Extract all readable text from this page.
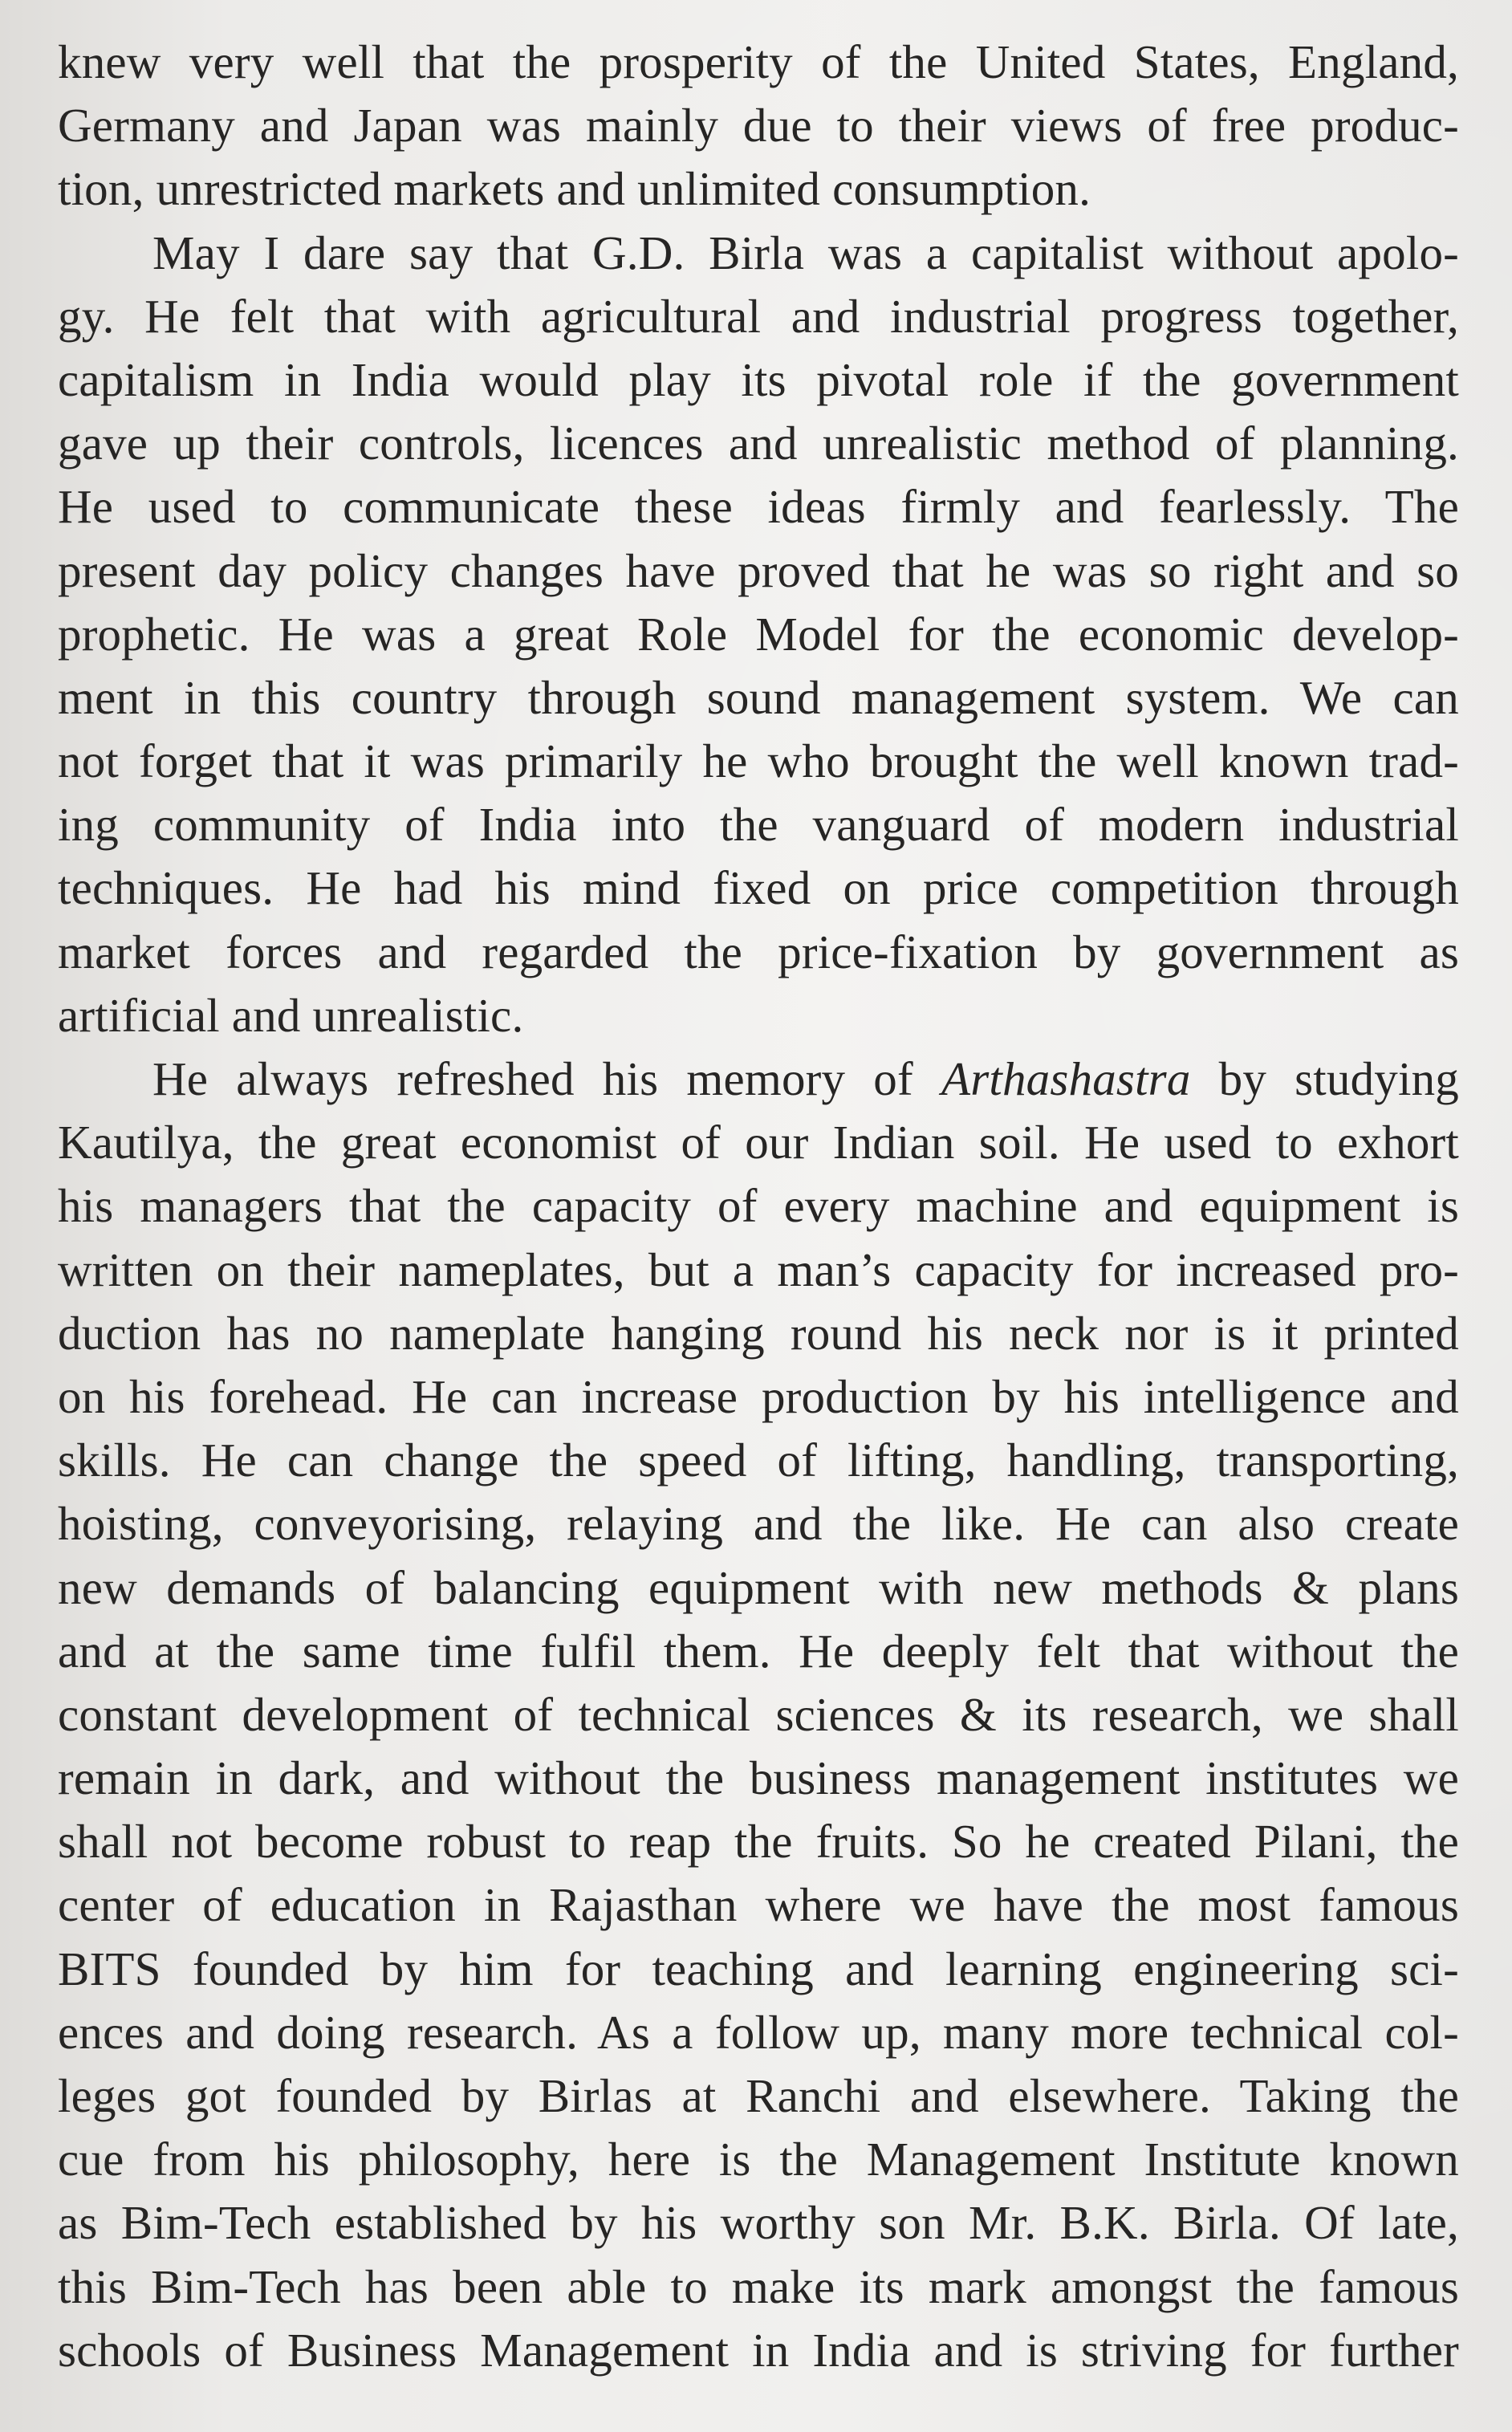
knew very well that the prosperity of the United States, England,
Germany and Japan was mainly due to their views of free produc-
tion, unrestricted markets and unlimited consumption.
May I dare say that G.D. Birla was a capitalist without apolo-
gy. He felt that with agricultural and industrial progress together,
capitalism in India would play its pivotal role if the government
gave up their controls, licences and unrealistic method of planning.
He used to communicate these ideas firmly and fearlessly. The
present day policy changes have proved that he was so right and so
prophetic. He was a great Role Model for the economic develop-
ment in this country through sound management system. We can
not forget that it was primarily he who brought the well known trad-
ing community of India into the vanguard of modern industrial
techniques. He had his mind fixed on price competition through
market forces and regarded the price-fixation by government as
artificial and unrealistic.
He always refreshed his memory of Arthashastra by studying
Kautilya, the great economist of our Indian soil. He used to exhort
his managers that the capacity of every machine and equipment is
written on their nameplates, but a man’s capacity for increased pro-
duction has no nameplate hanging round his neck nor is it printed
on his forehead. He can increase production by his intelligence and
skills. He can change the speed of lifting, handling, transporting,
hoisting, conveyorising, relaying and the like. He can also create
new demands of balancing equipment with new methods & plans
and at the same time fulfil them. He deeply felt that without the
constant development of technical sciences & its research, we shall
remain in dark, and without the business management institutes we
shall not become robust to reap the fruits. So he created Pilani, the
center of education in Rajasthan where we have the most famous
BITS founded by him for teaching and learning engineering sci-
ences and doing research. As a follow up, many more technical col-
leges got founded by Birlas at Ranchi and elsewhere. Taking the
cue from his philosophy, here is the Management Institute known
as Bim-Tech established by his worthy son Mr. B.K. Birla. Of late,
this Bim-Tech has been able to make its mark amongst the famous
schools of Business Management in India and is striving for further
